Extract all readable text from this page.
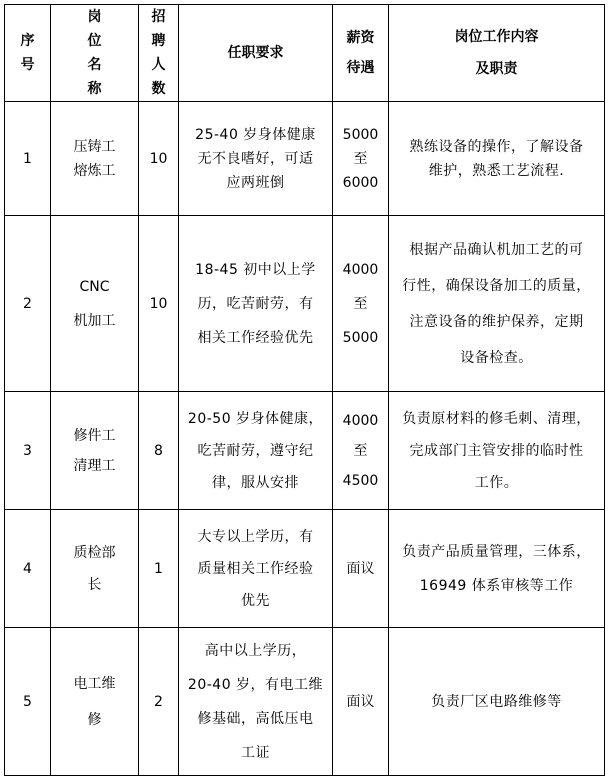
序
号	岗
位
名
称	招
聘
人
数	任职要求	薪资
待遇	岗位工作内容
及职责

1	压铸工
熔炼工	10	25-40 岁身体健康
无不良嗜好，可适
应两班倒	5000
至
6000	熟练设备的操作，了解设备
维护，熟悉工艺流程.

2	CNC
机加工	10	18-45 初中以上学
历，吃苦耐劳，有
相关工作经验优先	4000
至
5000	根据产品确认机加工艺的可
行性，确保设备加工的质量，
注意设备的维护保养，定期
设备检查。

3	修件工
清理工	8	20-50 岁身体健康，
吃苦耐劳，遵守纪
律，服从安排	4000
至
4500	负责原材料的修毛刺、清理，
完成部门主管安排的临时性
工作。

4	质检部
长	1	大专以上学历，有
质量相关工作经验
优先	面议	负责产品质量管理，三体系，
16949 体系审核等工作

5	电工维
修	2	高中以上学历，
20-40 岁，有电工维
修基础，高低压电
工证	面议	负责厂区电路维修等
